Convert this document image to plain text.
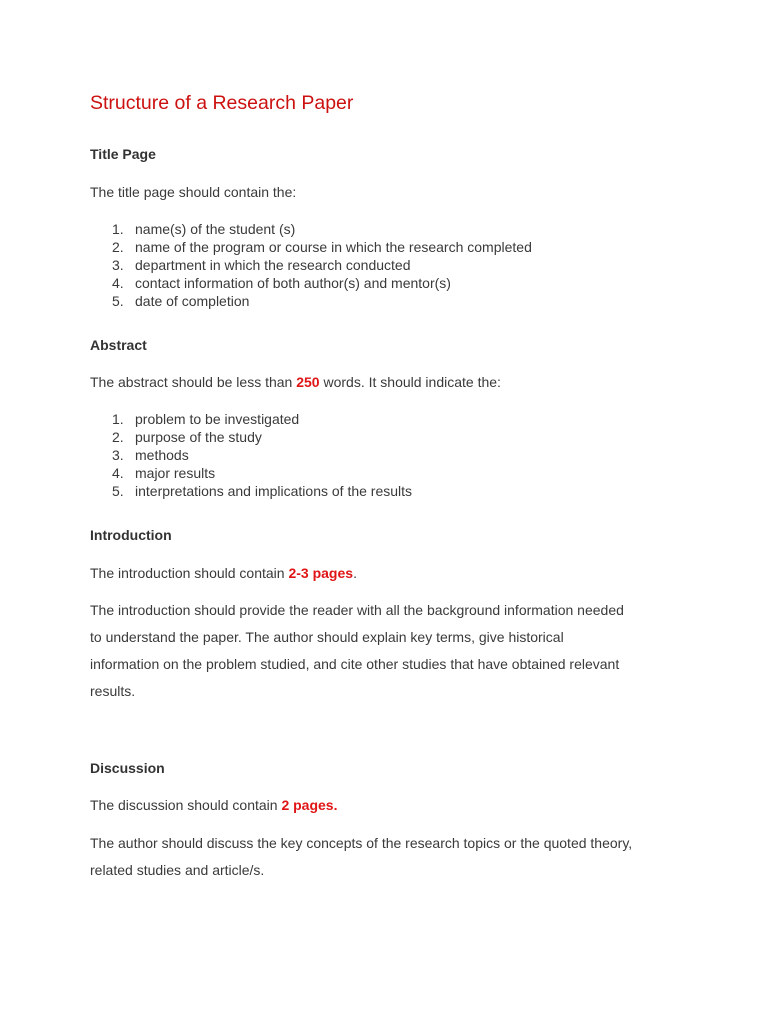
Structure of a Research Paper
Title Page

The title page should contain the:

1. name(s) of the student (s)
2. name of the program or course in which the research completed
3. department in which the research conducted
4. contact information of both author(s) and mentor(s)
5. date of completion
Abstract

The abstract should be less than 250 words. It should indicate the:

1. problem to be investigated
2. purpose of the study
3. methods
4. major results
5. interpretations and implications of the results
Introduction

The introduction should contain 2-3 pages.

The introduction should provide the reader with all the background information needed
to understand the paper. The author should explain key terms, give historical
information on the problem studied, and cite other studies that have obtained relevant
results.
Discussion

The discussion should contain 2 pages.

The author should discuss the key concepts of the research topics or the quoted theory,
related studies and article/s.
